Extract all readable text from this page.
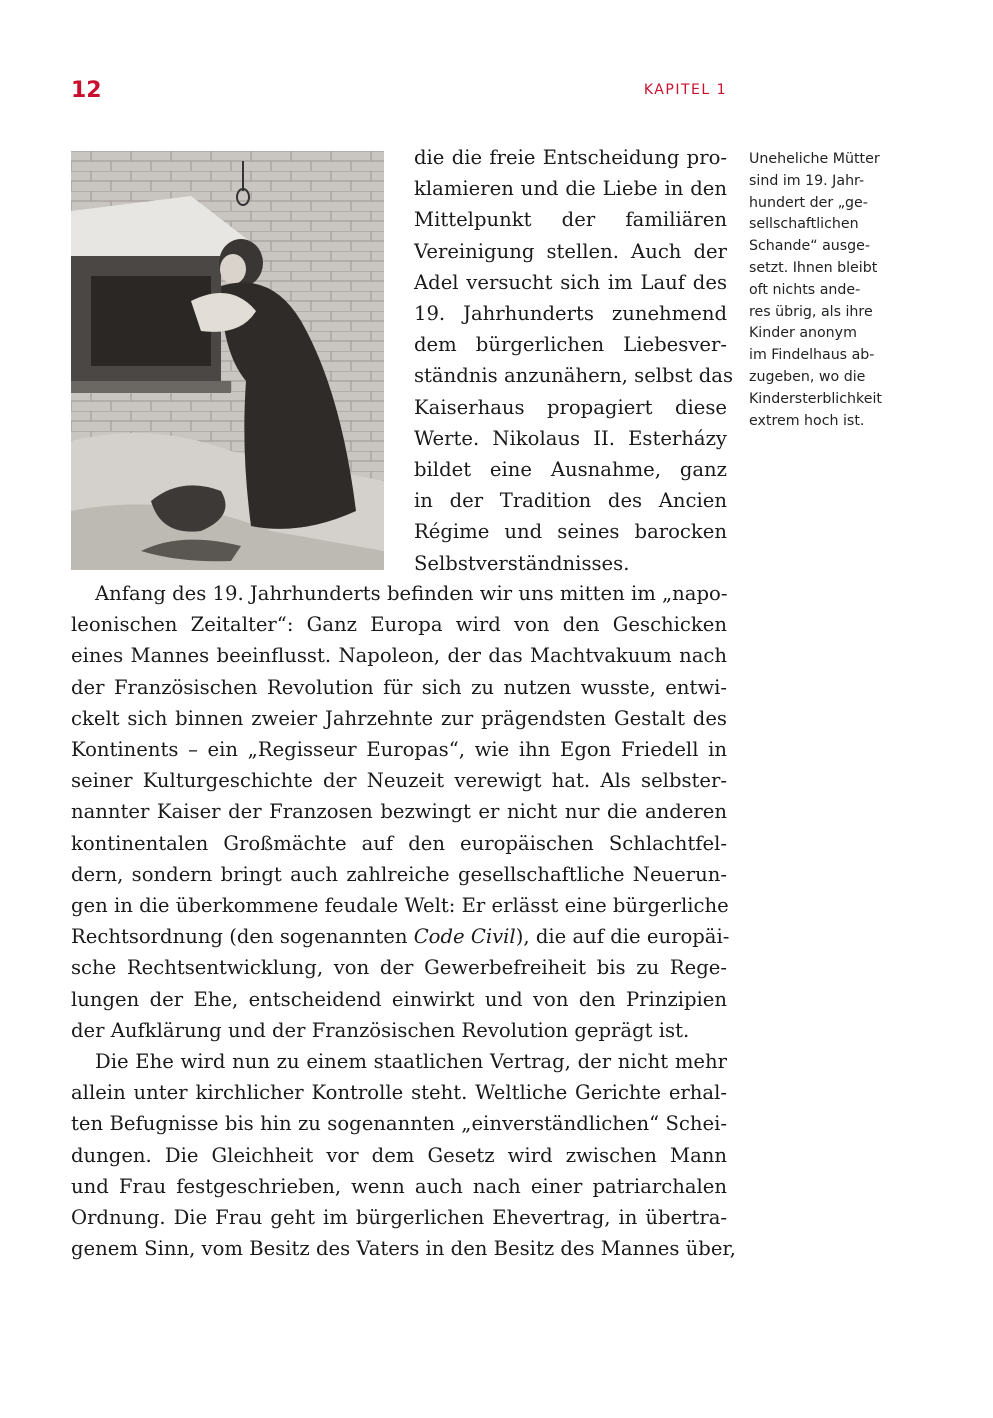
12	KAPITEL 1
die die freie Entscheidung pro-
klamieren und die Liebe in den
Mittelpunkt der familiären
Vereinigung stellen. Auch der
Adel versucht sich im Lauf des
19. Jahrhunderts zunehmend
dem bürgerlichen Liebesver-
ständnis anzunähern, selbst das
Kaiserhaus propagiert diese
Werte. Nikolaus II. Esterházy
bildet eine Ausnahme, ganz
in der Tradition des Ancien
Régime und seines barocken
Selbstverständnisses.
Anfang des 19. Jahrhunderts befinden wir uns mitten im „napo-
leonischen Zeitalter“: Ganz Europa wird von den Geschicken
eines Mannes beeinflusst. Napoleon, der das Machtvakuum nach
der Französischen Revolution für sich zu nutzen wusste, entwi-
ckelt sich binnen zweier Jahrzehnte zur prägendsten Gestalt des
Kontinents – ein „Regisseur Europas“, wie ihn Egon Friedell in
seiner Kulturgeschichte der Neuzeit verewigt hat. Als selbster-
nannter Kaiser der Franzosen bezwingt er nicht nur die anderen
kontinentalen Großmächte auf den europäischen Schlachtfel-
dern, sondern bringt auch zahlreiche gesellschaftliche Neuerun-
gen in die überkommene feudale Welt: Er erlässt eine bürgerliche
Rechtsordnung (den sogenannten Code Civil), die auf die europäi-
sche Rechtsentwicklung, von der Gewerbefreiheit bis zu Rege-
lungen der Ehe, entscheidend einwirkt und von den Prinzipien
der Aufklärung und der Französischen Revolution geprägt ist.
Die Ehe wird nun zu einem staatlichen Vertrag, der nicht mehr
allein unter kirchlicher Kontrolle steht. Weltliche Gerichte erhal-
ten Befugnisse bis hin zu sogenannten „einverständlichen“ Schei-
dungen. Die Gleichheit vor dem Gesetz wird zwischen Mann
und Frau festgeschrieben, wenn auch nach einer patriarchalen
Ordnung. Die Frau geht im bürgerlichen Ehevertrag, in übertra-
genem Sinn, vom Besitz des Vaters in den Besitz des Mannes über,
Uneheliche Mütter
sind im 19. Jahr-
hundert der „ge-
sellschaftlichen
Schande“ ausge-
setzt. Ihnen bleibt
oft nichts ande-
res übrig, als ihre
Kinder anonym
im Findelhaus ab-
zugeben, wo die
Kindersterblichkeit
extrem hoch ist.
